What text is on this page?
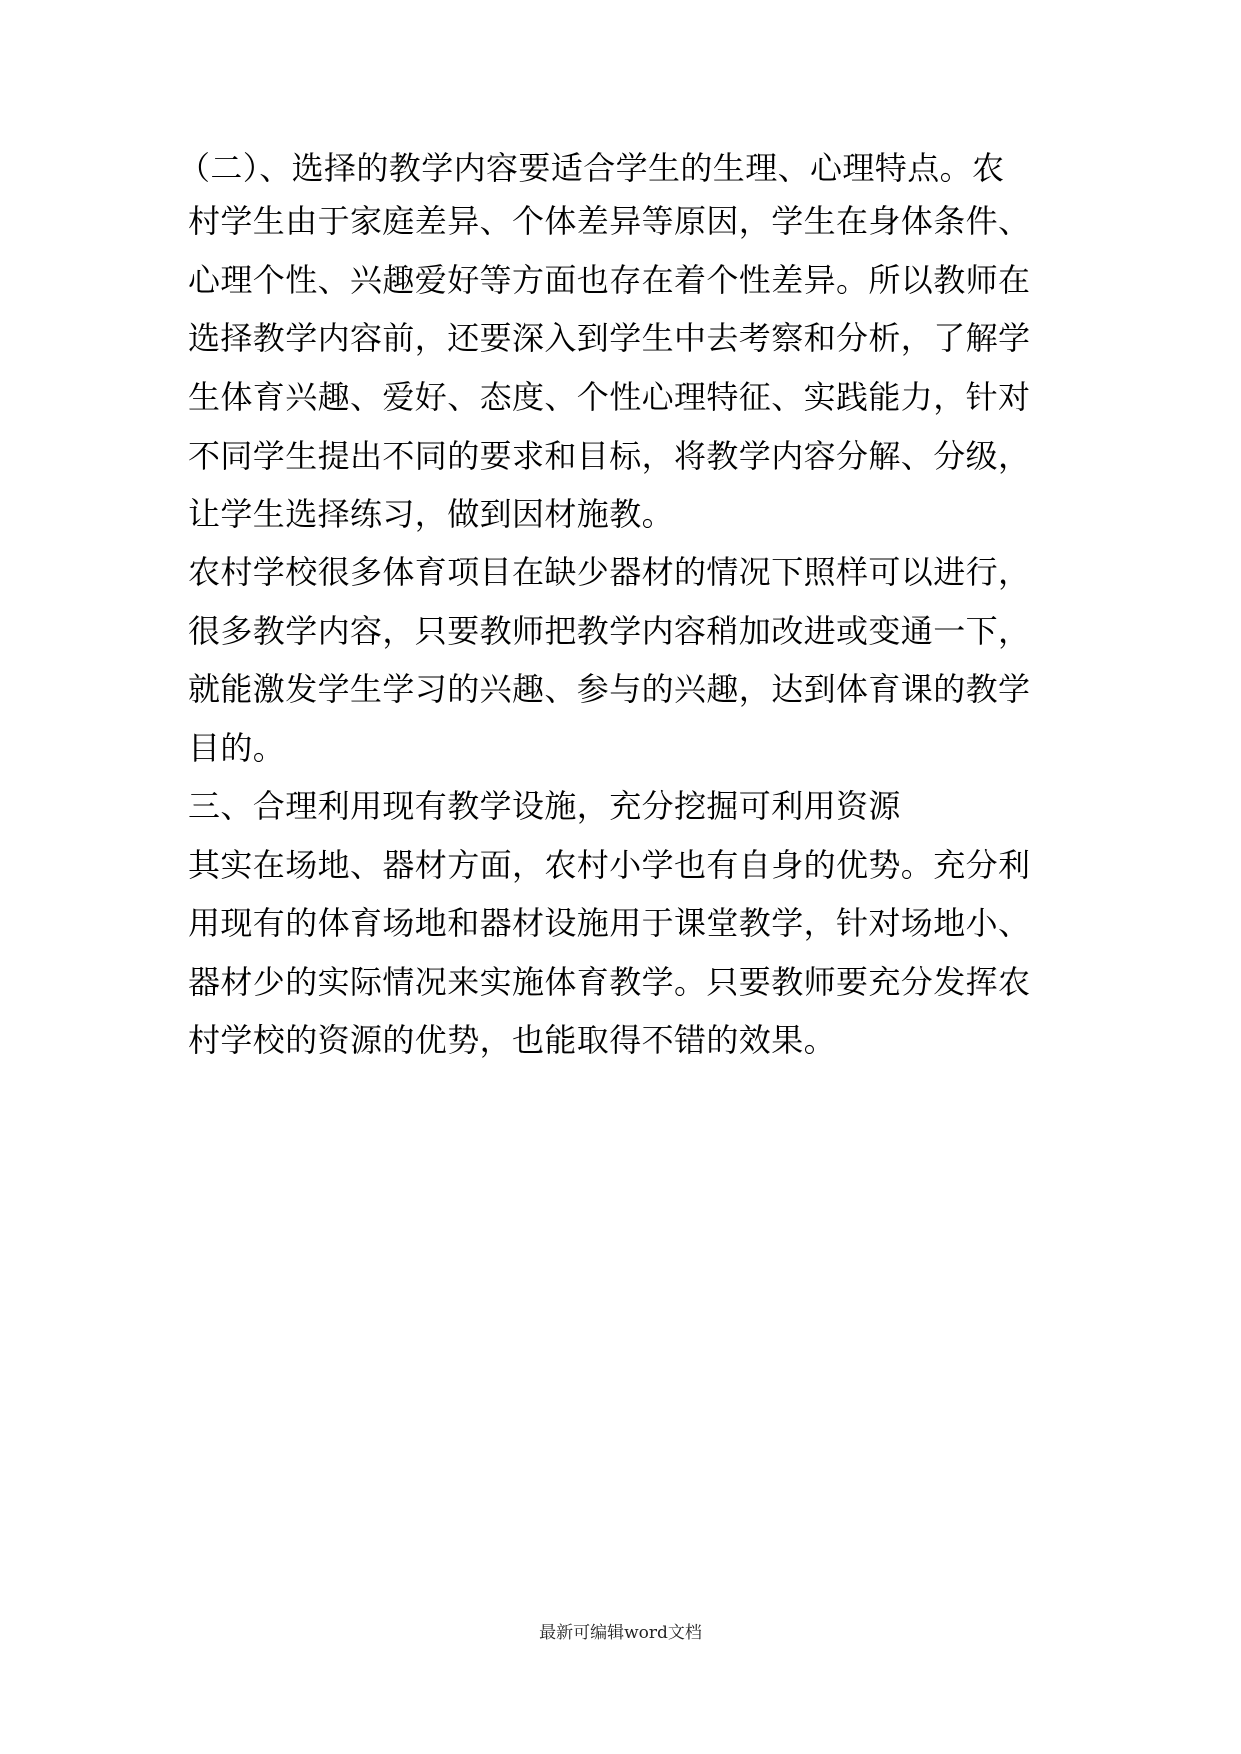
（二）、选择的教学内容要适合学生的生理、心理特点。农
村学生由于家庭差异、个体差异等原因，学生在身体条件、
心理个性、兴趣爱好等方面也存在着个性差异。所以教师在
选择教学内容前，还要深入到学生中去考察和分析，了解学
生体育兴趣、爱好、态度、个性心理特征、实践能力，针对
不同学生提出不同的要求和目标，将教学内容分解、分级，
让学生选择练习，做到因材施教。
农村学校很多体育项目在缺少器材的情况下照样可以进行，
很多教学内容，只要教师把教学内容稍加改进或变通一下，
就能激发学生学习的兴趣、参与的兴趣，达到体育课的教学
目的。
三、合理利用现有教学设施，充分挖掘可利用资源
其实在场地、器材方面，农村小学也有自身的优势。充分利
用现有的体育场地和器材设施用于课堂教学，针对场地小、
器材少的实际情况来实施体育教学。只要教师要充分发挥农
村学校的资源的优势，也能取得不错的效果。
最新可编辑word文档
